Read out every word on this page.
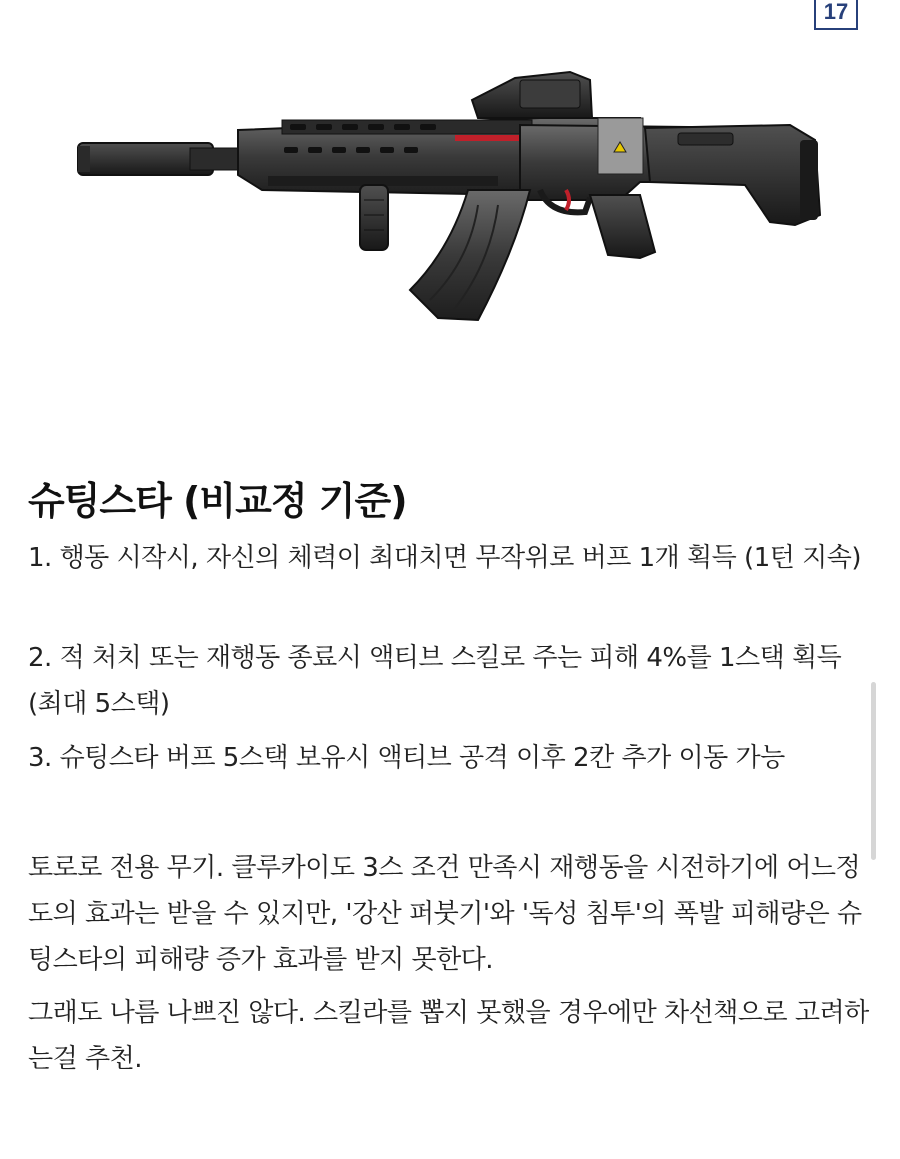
17
슈팅스타 (비교정 기준)

1. 행동 시작시, 자신의 체력이 최대치면 무작위로 버프 1개 획득 (1턴 지속)

2. 적 처치 또는 재행동 종료시 액티브 스킬로 주는 피해 4%를 1스택 획득 (최대 5스택)

3. 슈팅스타 버프 5스택 보유시 액티브 공격 이후 2칸 추가 이동 가능

토로로 전용 무기. 클루카이도 3스 조건 만족시 재행동을 시전하기에 어느정도의 효과는 받을 수 있지만, '강산 퍼붓기'와 '독성 침투'의 폭발 피해량은 슈팅스타의 피해량 증가 효과를 받지 못한다.

그래도 나름 나쁘진 않다. 스킬라를 뽑지 못했을 경우에만 차선책으로 고려하는걸 추천.
